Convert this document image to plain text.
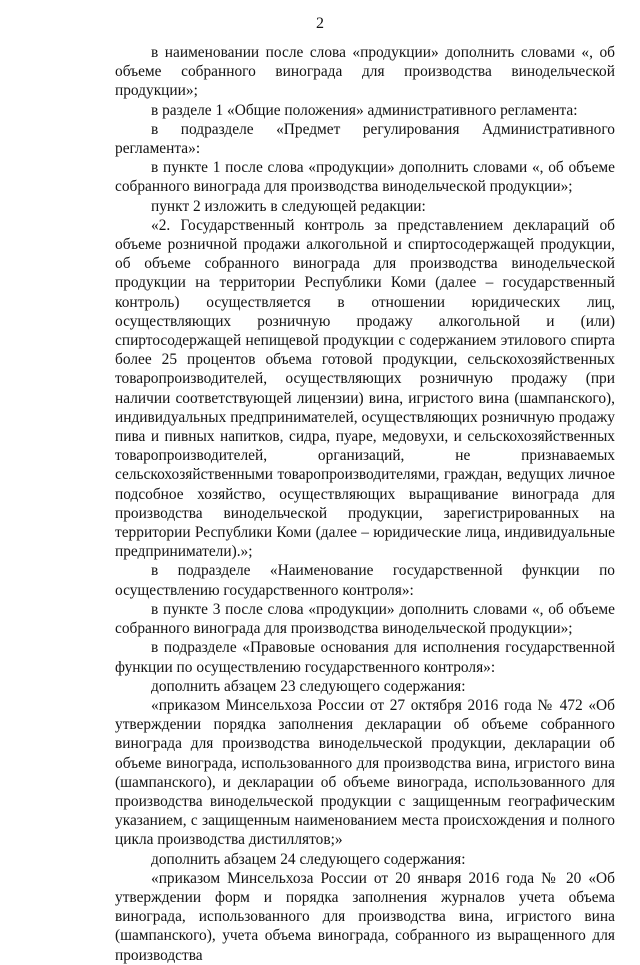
2

в наименовании после слова «продукции» дополнить словами «, об объеме собранного винограда для производства винодельческой продукции»;

в разделе 1 «Общие положения» административного регламента:

в подразделе «Предмет регулирования Административного регламента»:

в пункте 1 после слова «продукции» дополнить словами «, об объеме собранного винограда для производства винодельческой продукции»;

пункт 2 изложить в следующей редакции:

«2. Государственный контроль за представлением деклараций об объеме розничной продажи алкогольной и спиртосодержащей продукции, об объеме собранного винограда для производства винодельческой продукции на территории Республики Коми (далее – государственный контроль) осуществляется в отношении юридических лиц, осуществляющих розничную продажу алкогольной и (или) спиртосодержащей непищевой продукции с содержанием этилового спирта более 25 процентов объема готовой продукции, сельскохозяйственных товаропроизводителей, осуществляющих розничную продажу (при наличии соответствующей лицензии) вина, игристого вина (шампанского), индивидуальных предпринимателей, осуществляющих розничную продажу пива и пивных напитков, сидра, пуаре, медовухи, и сельскохозяйственных товаропроизводителей, организаций, не признаваемых сельскохозяйственными товаропроизводителями, граждан, ведущих личное подсобное хозяйство, осуществляющих выращивание винограда для производства винодельческой продукции, зарегистрированных на территории Республики Коми (далее – юридические лица, индивидуальные предприниматели).»;

в подразделе «Наименование государственной функции по осуществлению государственного контроля»:

в пункте 3 после слова «продукции» дополнить словами «, об объеме собранного винограда для производства винодельческой продукции»;

в подразделе «Правовые основания для исполнения государственной функции по осуществлению государственного контроля»:

дополнить абзацем 23 следующего содержания:

«приказом Минсельхоза России от 27 октября 2016 года № 472 «Об утверждении порядка заполнения декларации об объеме собранного винограда для производства винодельческой продукции, декларации об объеме винограда, использованного для производства вина, игристого вина (шампанского), и декларации об объеме винограда, использованного для производства винодельческой продукции с защищенным географическим указанием, с защищенным наименованием места происхождения и полного цикла производства дистиллятов;»

дополнить абзацем 24 следующего содержания:

«приказом Минсельхоза России от 20 января 2016 года № 20 «Об утверждении форм и порядка заполнения журналов учета объема винограда, использованного для производства вина, игристого вина (шампанского), учета объема винограда, собранного из выращенного для производства
